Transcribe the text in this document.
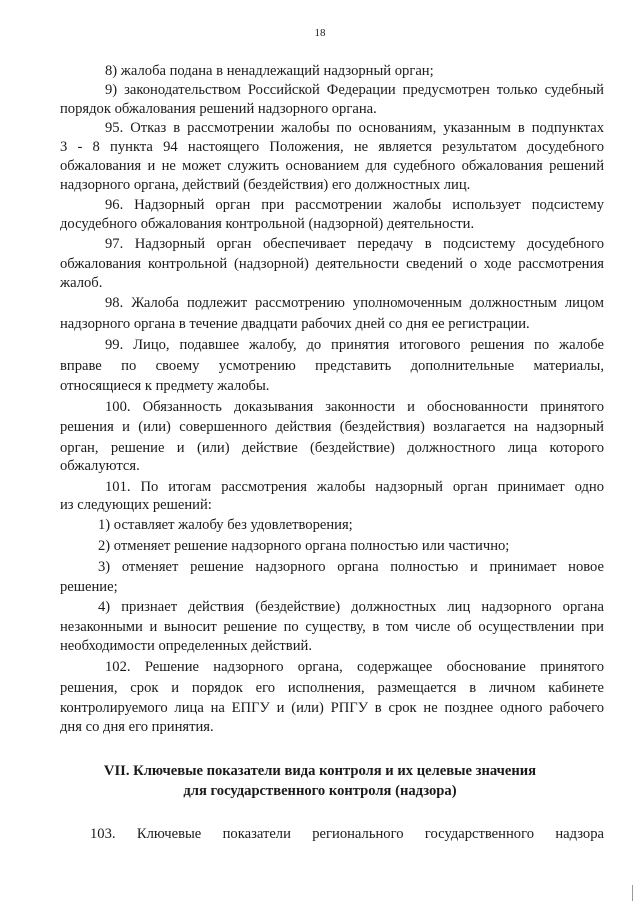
18
8) жалоба подана в ненадлежащий надзорный орган;
9) законодательством Российской Федерации предусмотрен только судебный
порядок обжалования решений надзорного органа.
95. Отказ в рассмотрении жалобы по основаниям, указанным в подпунктах
3 - 8 пункта 94 настоящего Положения, не является результатом досудебного
обжалования и не может служить основанием для судебного обжалования решений
надзорного органа, действий (бездействия) его должностных лиц.
96. Надзорный орган при рассмотрении жалобы использует подсистему
досудебного обжалования контрольной (надзорной) деятельности.
97. Надзорный орган обеспечивает передачу в подсистему досудебного
обжалования контрольной (надзорной) деятельности сведений о ходе рассмотрения
жалоб.
98. Жалоба подлежит рассмотрению уполномоченным должностным лицом
надзорного органа в течение двадцати рабочих дней со дня ее регистрации.
99. Лицо, подавшее жалобу, до принятия итогового решения по жалобе
вправе по своему усмотрению представить дополнительные материалы,
относящиеся к предмету жалобы.
100. Обязанность доказывания законности и обоснованности принятого
решения и (или) совершенного действия (бездействия) возлагается на надзорный
орган, решение и (или) действие (бездействие) должностного лица которого
обжалуются.
101. По итогам рассмотрения жалобы надзорный орган принимает одно
из следующих решений:
1) оставляет жалобу без удовлетворения;
2) отменяет решение надзорного органа полностью или частично;
3) отменяет решение надзорного органа полностью и принимает новое
решение;
4) признает действия (бездействие) должностных лиц надзорного органа
незаконными и выносит решение по существу, в том числе об осуществлении при
необходимости определенных действий.
102. Решение надзорного органа, содержащее обоснование принятого
решения, срок и порядок его исполнения, размещается в личном кабинете
контролируемого лица на ЕПГУ и (или) РПГУ в срок не позднее одного рабочего
дня со дня его принятия.
VII. Ключевые показатели вида контроля и их целевые значения
для государственного контроля (надзора)
103. Ключевые показатели регионального государственного надзора
